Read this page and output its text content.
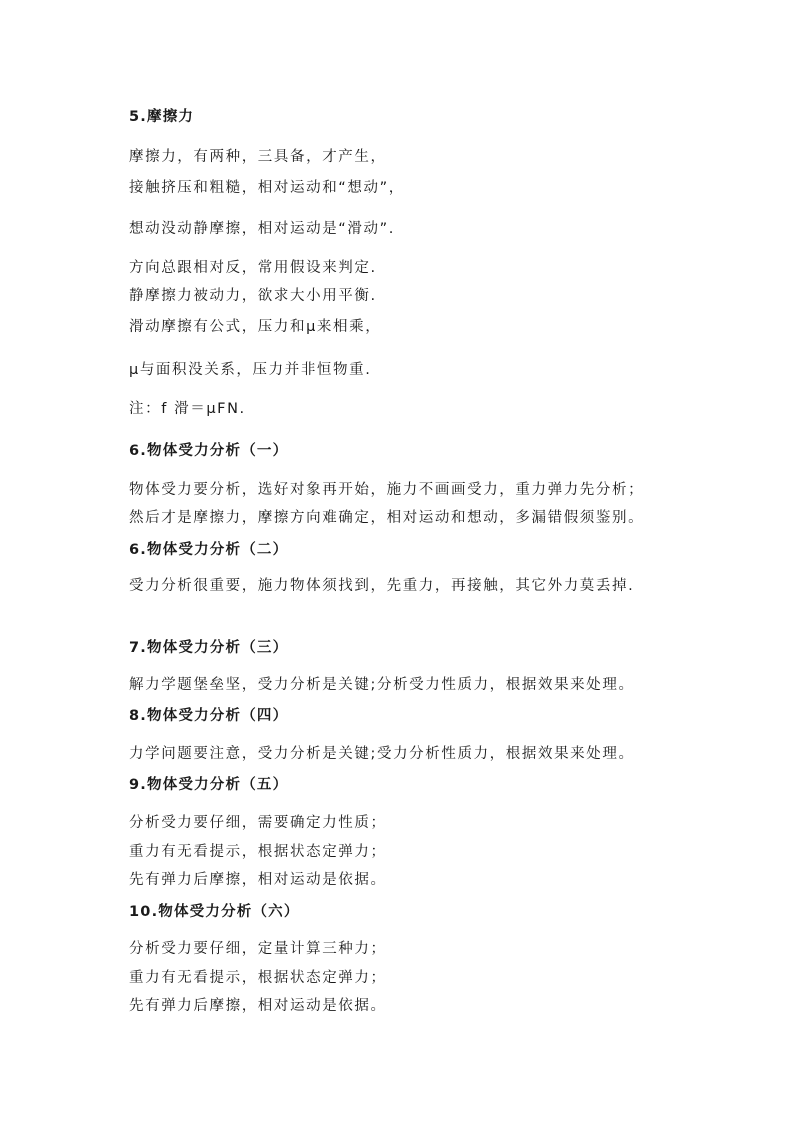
5.摩擦力
摩擦力，有两种，三具备，才产生，
接触挤压和粗糙，相对运动和“想动”，
想动没动静摩擦，相对运动是“滑动”.
方向总跟相对反，常用假设来判定.
静摩擦力被动力，欲求大小用平衡.
滑动摩擦有公式，压力和μ来相乘，
μ与面积没关系，压力并非恒物重.
注：f 滑＝μFN.
6.物体受力分析（一）
物体受力要分析，选好对象再开始，施力不画画受力，重力弹力先分析；
然后才是摩擦力，摩擦方向难确定，相对运动和想动，多漏错假须鉴别。
6.物体受力分析（二）
受力分析很重要，施力物体须找到，先重力，再接触，其它外力莫丢掉.
7.物体受力分析（三）
解力学题堡垒坚，受力分析是关键;分析受力性质力，根据效果来处理。
8.物体受力分析（四）
力学问题要注意，受力分析是关键;受力分析性质力，根据效果来处理。
9.物体受力分析（五）
分析受力要仔细，需要确定力性质；
重力有无看提示，根据状态定弹力；
先有弹力后摩擦，相对运动是依据。
10.物体受力分析（六）
分析受力要仔细，定量计算三种力；
重力有无看提示，根据状态定弹力；
先有弹力后摩擦，相对运动是依据。
